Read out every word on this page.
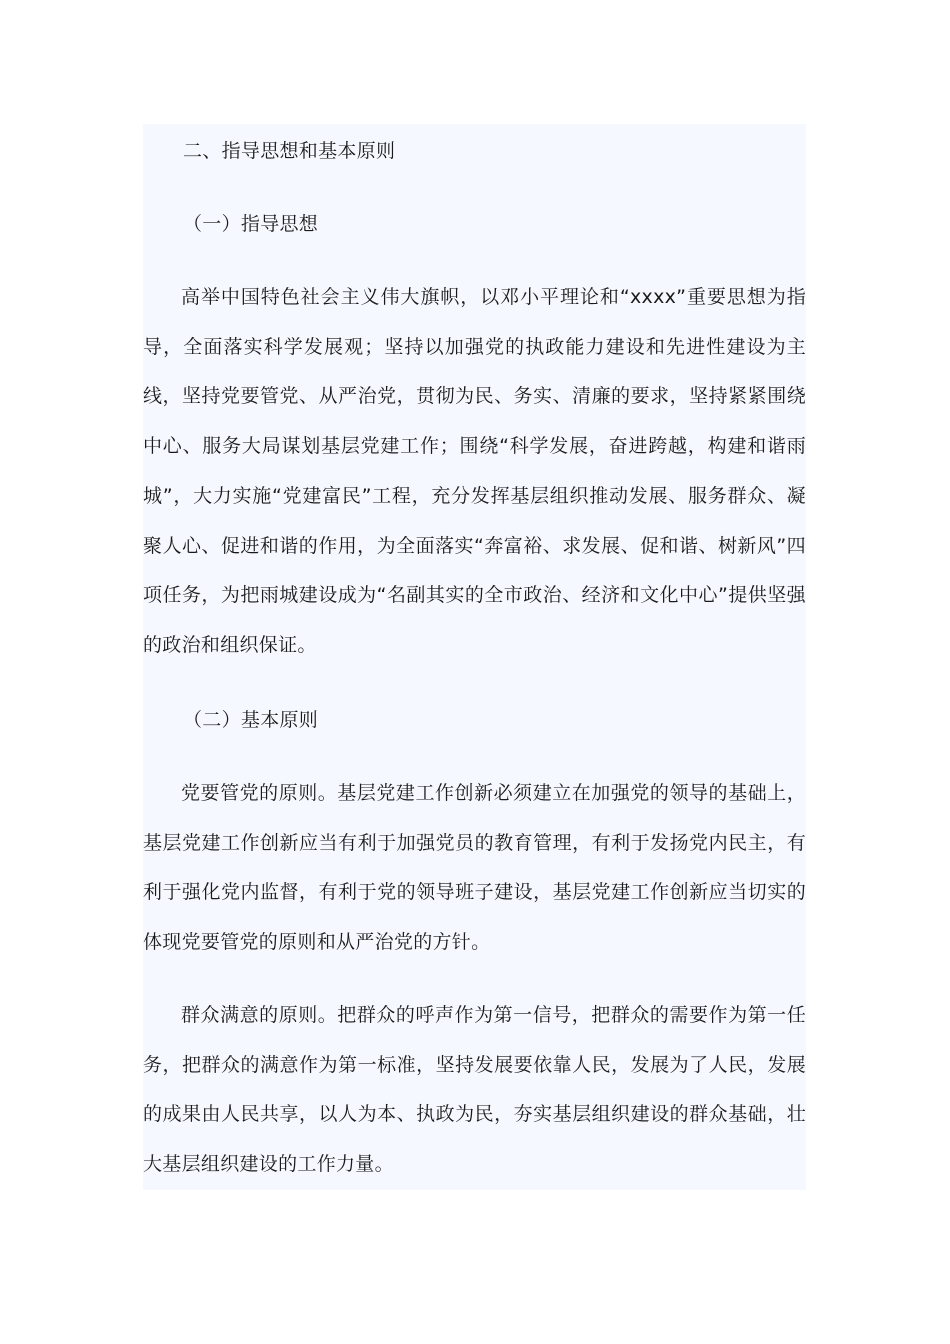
二、指导思想和基本原则
（一）指导思想
高举中国特色社会主义伟大旗帜，以邓小平理论和“xxxx”重要思想为指导，全面落实科学发展观；坚持以加强党的执政能力建设和先进性建设为主线，坚持党要管党、从严治党，贯彻为民、务实、清廉的要求，坚持紧紧围绕中心、服务大局谋划基层党建工作；围绕“科学发展，奋进跨越，构建和谐雨城”，大力实施“党建富民”工程，充分发挥基层组织推动发展、服务群众、凝聚人心、促进和谐的作用，为全面落实“奔富裕、求发展、促和谐、树新风”四项任务，为把雨城建设成为“名副其实的全市政治、经济和文化中心”提供坚强的政治和组织保证。
（二）基本原则
党要管党的原则。基层党建工作创新必须建立在加强党的领导的基础上，基层党建工作创新应当有利于加强党员的教育管理，有利于发扬党内民主，有利于强化党内监督，有利于党的领导班子建设，基层党建工作创新应当切实的体现党要管党的原则和从严治党的方针。
群众满意的原则。把群众的呼声作为第一信号，把群众的需要作为第一任务，把群众的满意作为第一标准，坚持发展要依靠人民，发展为了人民，发展的成果由人民共享，以人为本、执政为民，夯实基层组织建设的群众基础，壮大基层组织建设的工作力量。
